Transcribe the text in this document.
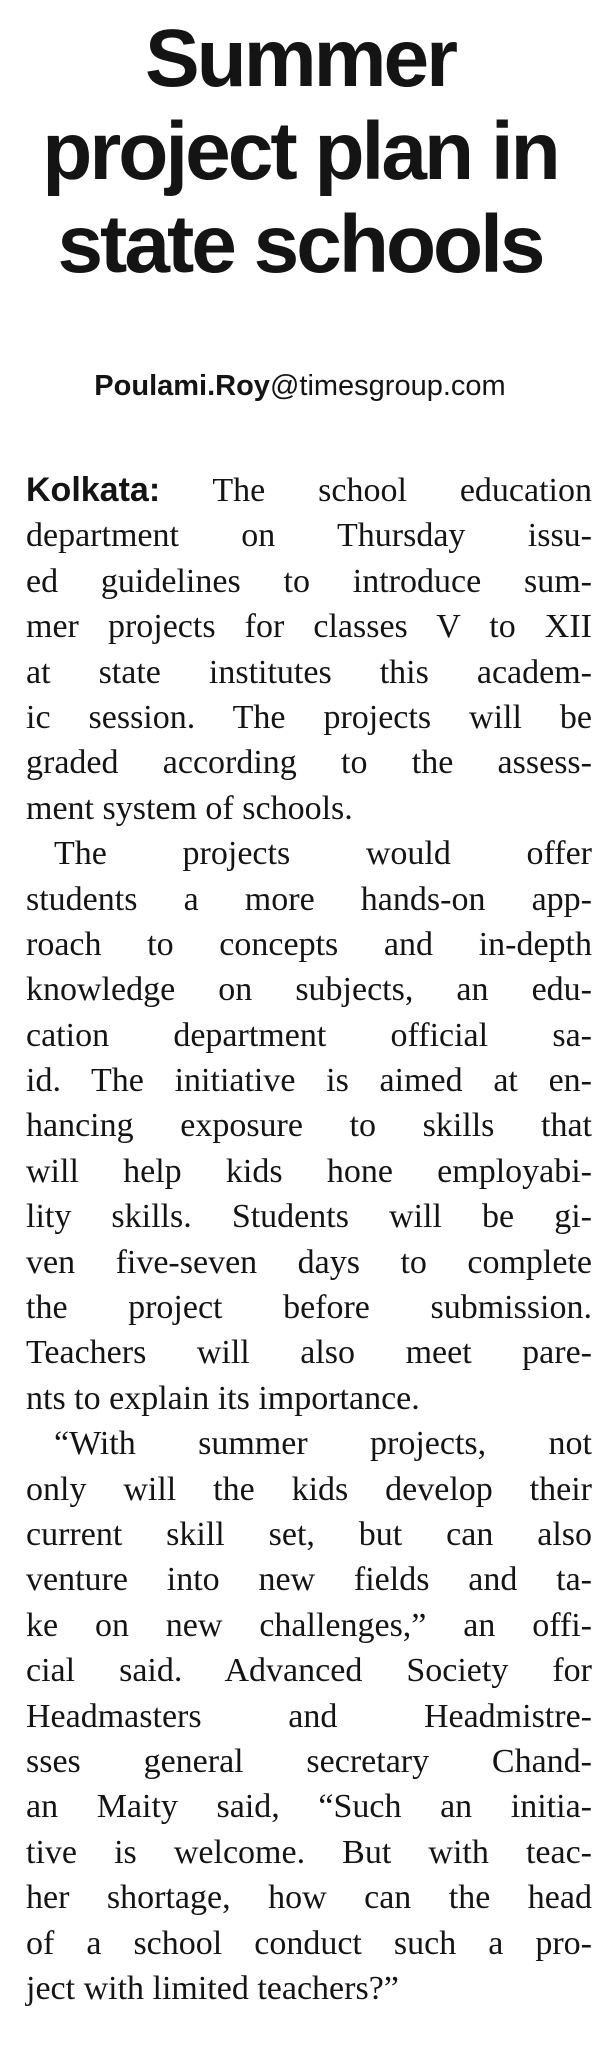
Summer
project plan in
state schools
Poulami.Roy@timesgroup.com
Kolkata: The school education
department on Thursday issu-
ed guidelines to introduce sum-
mer projects for classes V to XII
at state institutes this academ-
ic session. The projects will be
graded according to the assess-
ment system of schools.
The projects would offer
students a more hands-on app-
roach to concepts and in-depth
knowledge on subjects, an edu-
cation department official sa-
id. The initiative is aimed at en-
hancing exposure to skills that
will help kids hone employabi-
lity skills. Students will be gi-
ven five-seven days to complete
the project before submission.
Teachers will also meet pare-
nts to explain its importance.
“With summer projects, not
only will the kids develop their
current skill set, but can also
venture into new fields and ta-
ke on new challenges,” an offi-
cial said. Advanced Society for
Headmasters and Headmistre-
sses general secretary Chand-
an Maity said, “Such an initia-
tive is welcome. But with teac-
her shortage, how can the head
of a school conduct such a pro-
ject with limited teachers?”
